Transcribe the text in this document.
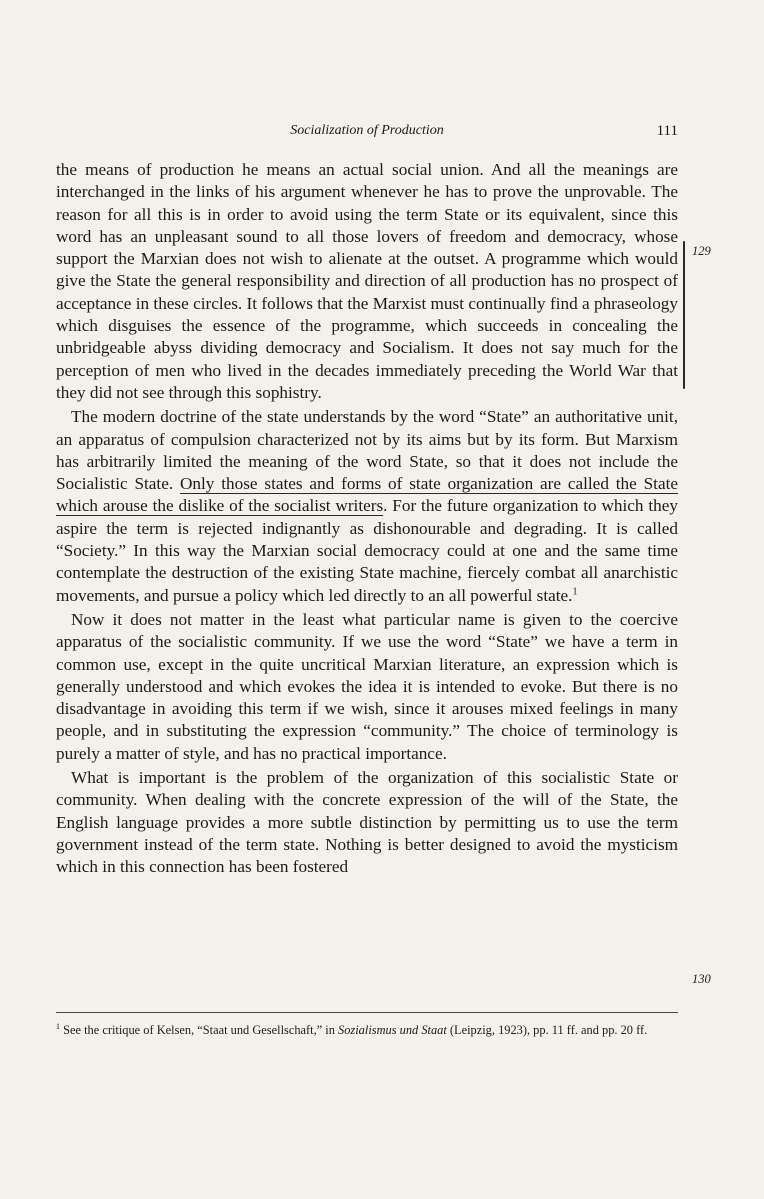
Socialization of Production	111

the means of production he means an actual social union. And all the meanings are interchanged in the links of his argument whenever he has to prove the unprovable. The reason for all this is in order to avoid using the term State or its equivalent, since this word has an unpleasant sound to all those lovers of freedom and democracy, whose support the Marxian does not wish to alienate at the outset. A programme which would give the State the general responsibility and direction of all production has no prospect of acceptance in these circles. It follows that the Marxist must continually find a phraseology which disguises the essence of the programme, which succeeds in concealing the unbridgeable abyss dividing democracy and Socialism. It does not say much for the perception of men who lived in the decades immediately preceding the World War that they did not see through this sophistry.

The modern doctrine of the state understands by the word “State” an authoritative unit, an apparatus of compulsion characterized not by its aims but by its form. But Marxism has arbitrarily limited the meaning of the word State, so that it does not include the Socialistic State. Only those states and forms of state organization are called the State which arouse the dislike of the socialist writers. For the future organization to which they aspire the term is rejected indignantly as dishonourable and degrading. It is called “Society.” In this way the Marxian social democracy could at one and the same time contemplate the destruction of the existing State machine, fiercely combat all anarchistic movements, and pursue a policy which led directly to an all powerful state.$^1$

Now it does not matter in the least what particular name is given to the coercive apparatus of the socialistic community. If we use the word “State” we have a term in common use, except in the quite uncritical Marxian literature, an expression which is generally understood and which evokes the idea it is intended to evoke. But there is no disadvantage in avoiding this term if we wish, since it arouses mixed feelings in many people, and in substituting the expression “community.” The choice of terminology is purely a matter of style, and has no practical importance.

What is important is the problem of the organization of this socialistic State or community. When dealing with the concrete expression of the will of the State, the English language provides a more subtle distinction by permitting us to use the term government instead of the term state. Nothing is better designed to avoid the mysticism which in this connection has been fostered

129
130
$^1$ See the critique of Kelsen, “Staat und Gesellschaft,” in Sozialismus und Staat (Leipzig, 1923), pp. 11 ff. and pp. 20 ff.
